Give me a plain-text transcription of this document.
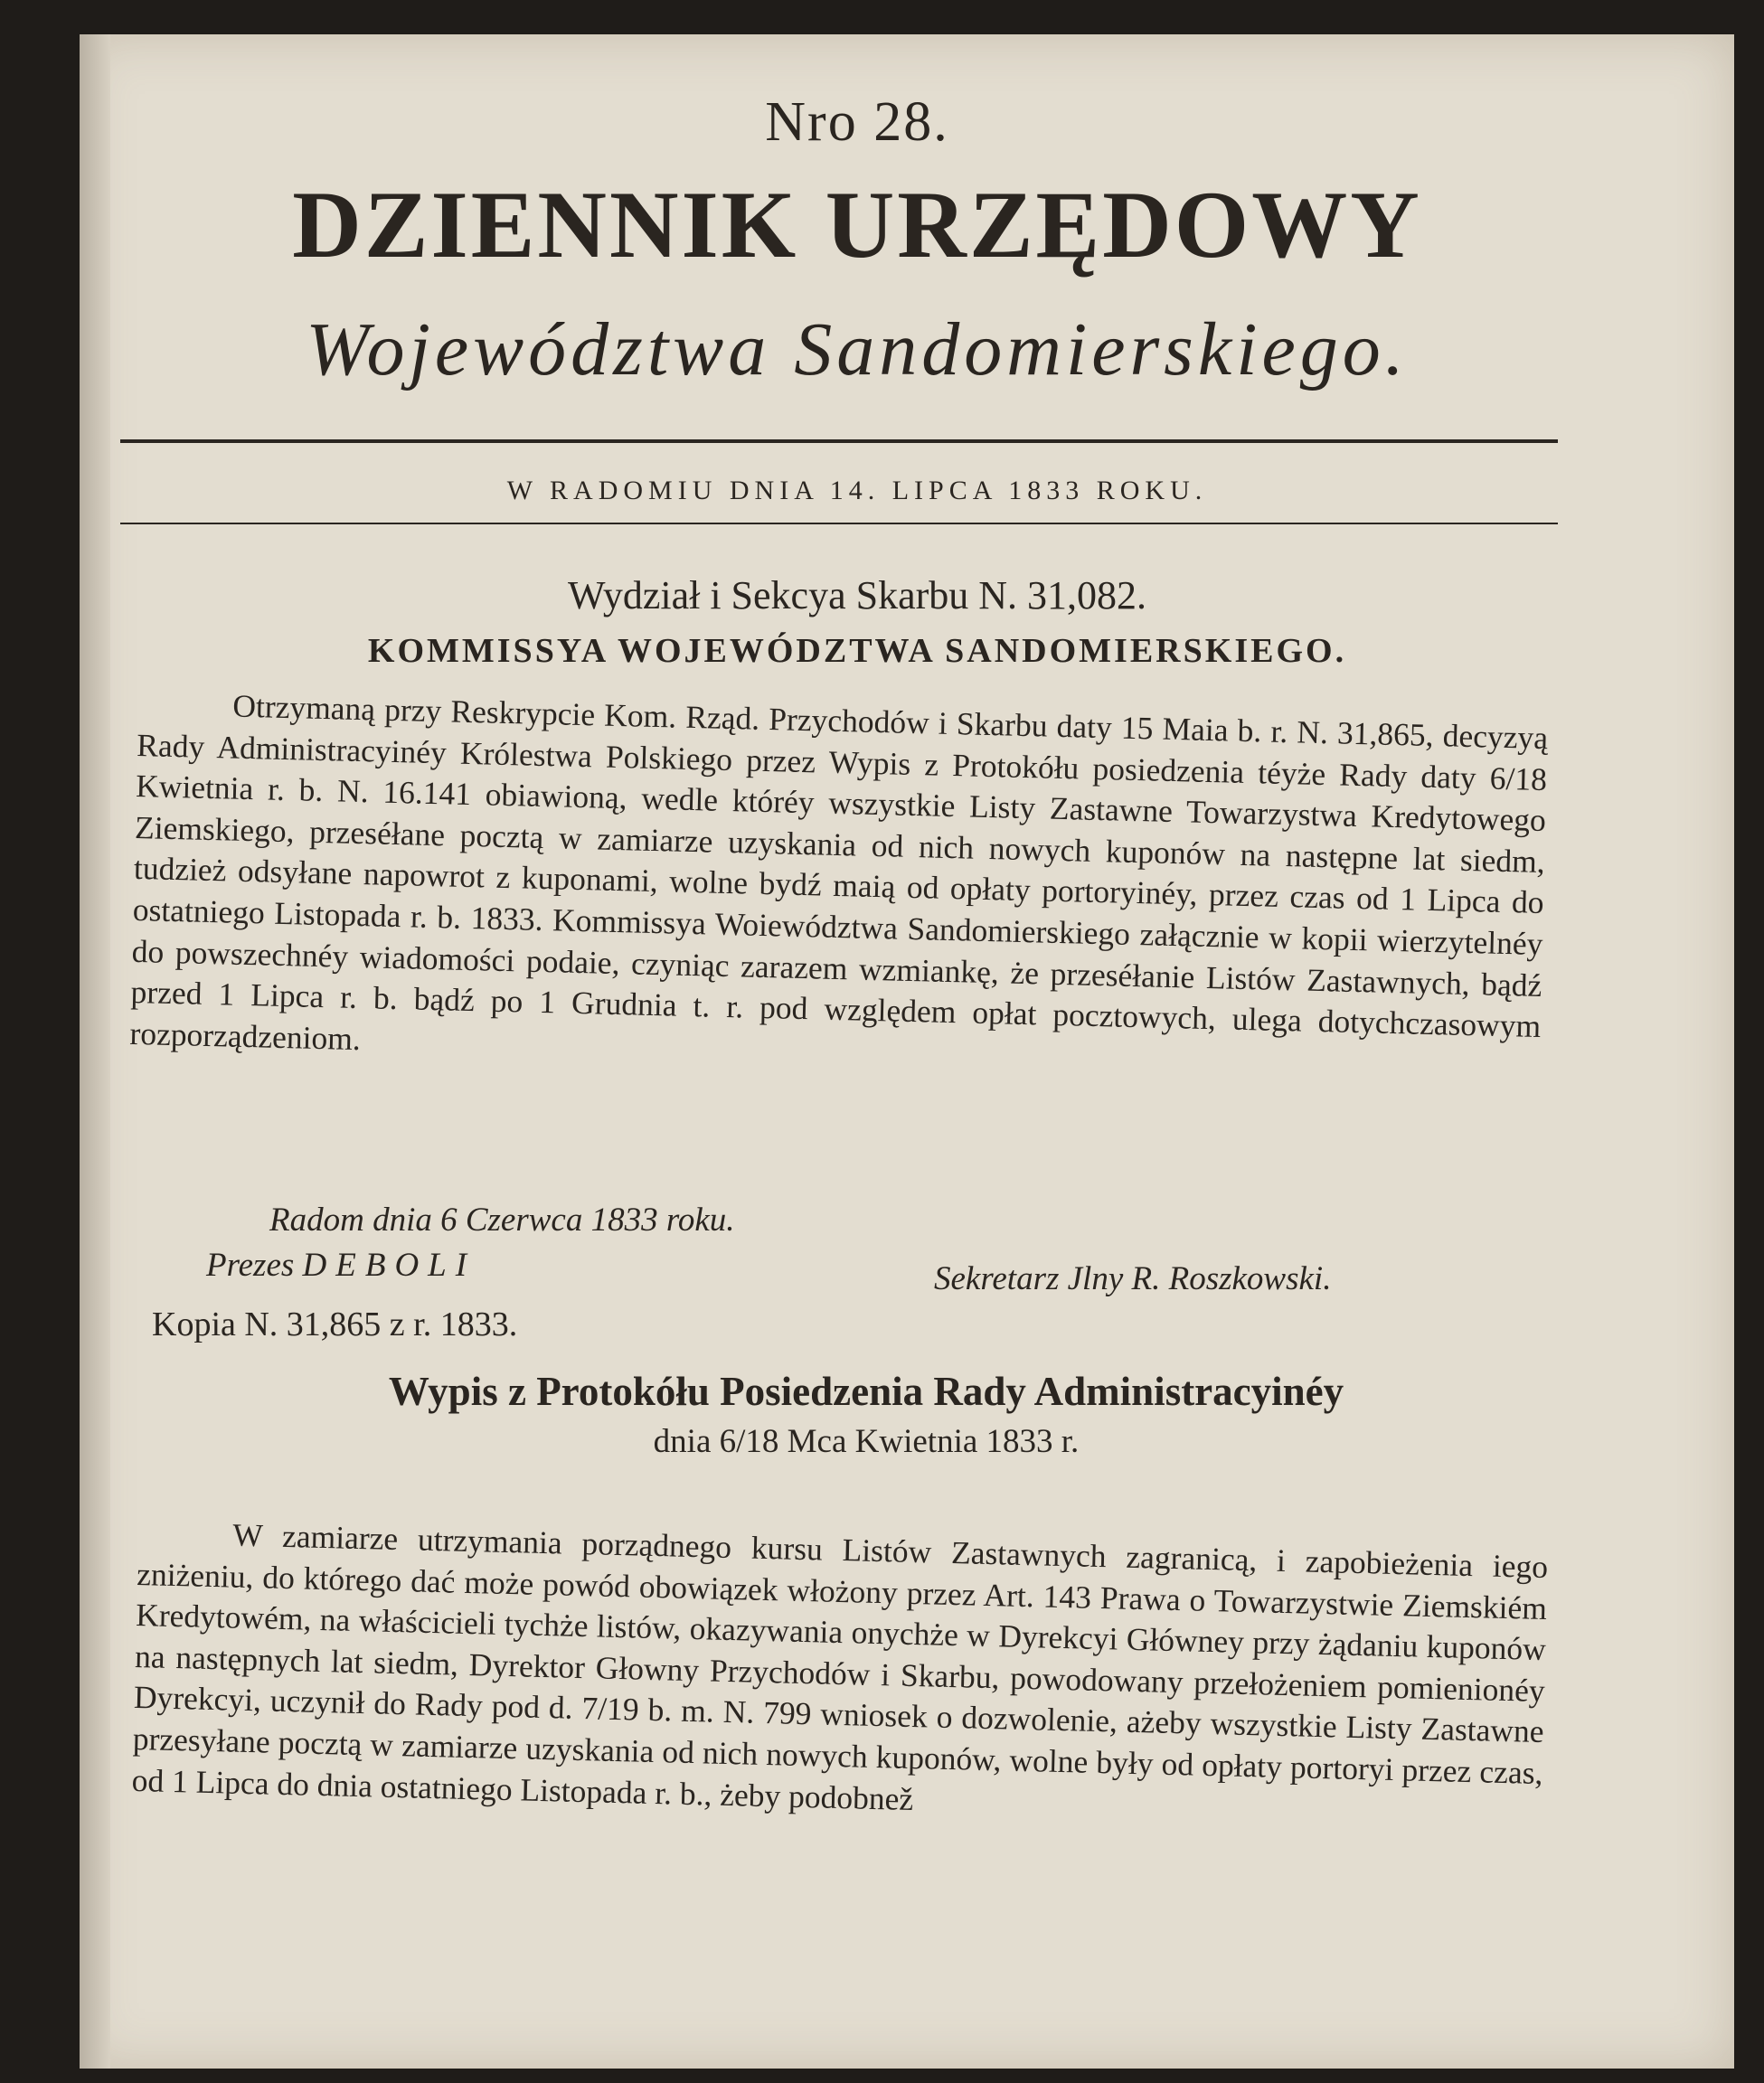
Nro 28.
DZIENNIK URZĘDOWY
Województwa Sandomierskiego.
W RADOMIU DNIA 14. LIPCA 1833 ROKU.
Wydział i Sekcya Skarbu N. 31,082.
KOMMISSYA WOJEWÓDZTWA SANDOMIERSKIEGO.

Otrzymaną przy Reskrypcie Kom. Rząd. Przychodów i Skarbu daty 15 Maia b. r. N. 31,865, decyzyą Rady Administracyinéy Królestwa Polskiego przez Wypis z Protokółu posiedzenia téyże Rady daty 6/18 Kwietnia r. b. N. 16.141 obiawioną, wedle któréy wszystkie Listy Zastawne Towarzystwa Kredytowego Ziemskiego, przeséłane pocztą w zamiarze uzyskania od nich nowych kuponów na następne lat siedm, tudzież odsyłane napowrot z kuponami, wolne bydź maią od opłaty portoryinéy, przez czas od 1 Lipca do ostatniego Listopada r. b. 1833. Kommissya Woiewództwa Sandomierskiego załącznie w kopii wierzytelnéy do powszechnéy wiadomości podaie, czyniąc zarazem wzmiankę, że przeséłanie Listów Zastawnych, bądź przed 1 Lipca r. b. bądź po 1 Grudnia t. r. pod względem opłat pocztowych, ulega dotychczasowym rozporządzeniom.

Radom dnia 6 Czerwca 1833 roku.
Prezes DEBOLI	Sekretarz Jlny R. Roszkowski.
Kopia N. 31,865 z r. 1833.
Wypis z Protokółu Posiedzenia Rady Administracyinéy
dnia 6/18 Mca Kwietnia 1833 r.

W zamiarze utrzymania porządnego kursu Listów Zastawnych zagranicą, i zapobieżenia iego zniżeniu, do którego dać może powód obowiązek włożony przez Art. 143 Prawa o Towarzystwie Ziemskiém Kredytowém, na właścicieli tychże listów, okazywania onychże w Dyrekcyi Główney przy żądaniu kuponów na następnych lat siedm, Dyrektor Głowny Przychodów i Skarbu, powodowany przełożeniem pomienionéy Dyrekcyi, uczynił do Rady pod d. 7/19 b. m. N. 799 wniosek o dozwolenie, ażeby wszystkie Listy Zastawne przesyłane pocztą w zamiarze uzyskania od nich nowych kuponów, wolne były od opłaty portoryi przez czas, od 1 Lipca do dnia ostatniego Listopada r. b., żeby podobnež
